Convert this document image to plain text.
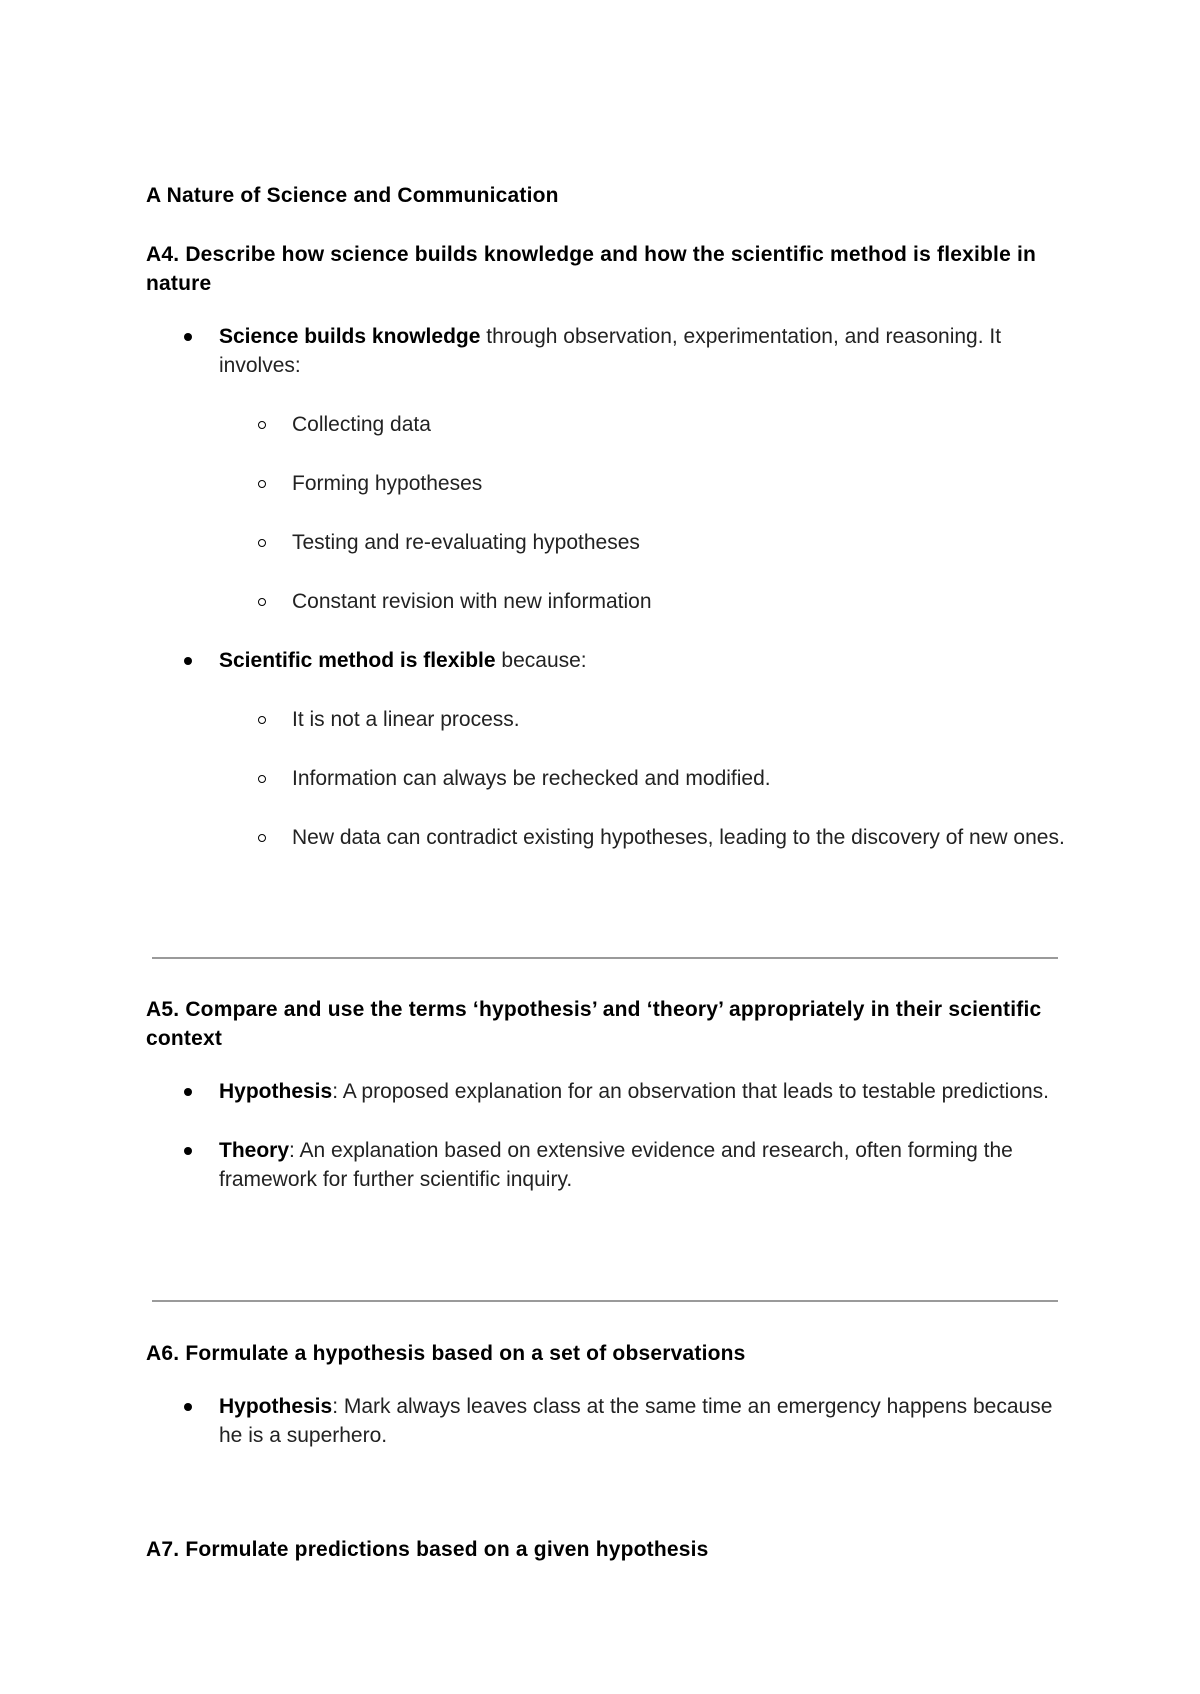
A Nature of Science and Communication
A4. Describe how science builds knowledge and how the scientific method is flexible in nature
Science builds knowledge through observation, experimentation, and reasoning. It involves:
Collecting data
Forming hypotheses
Testing and re-evaluating hypotheses
Constant revision with new information
Scientific method is flexible because:
It is not a linear process.
Information can always be rechecked and modified.
New data can contradict existing hypotheses, leading to the discovery of new ones.
A5. Compare and use the terms ‘hypothesis’ and ‘theory’ appropriately in their scientific context
Hypothesis: A proposed explanation for an observation that leads to testable predictions.
Theory: An explanation based on extensive evidence and research, often forming the framework for further scientific inquiry.
A6. Formulate a hypothesis based on a set of observations
Hypothesis: Mark always leaves class at the same time an emergency happens because he is a superhero.
A7. Formulate predictions based on a given hypothesis
